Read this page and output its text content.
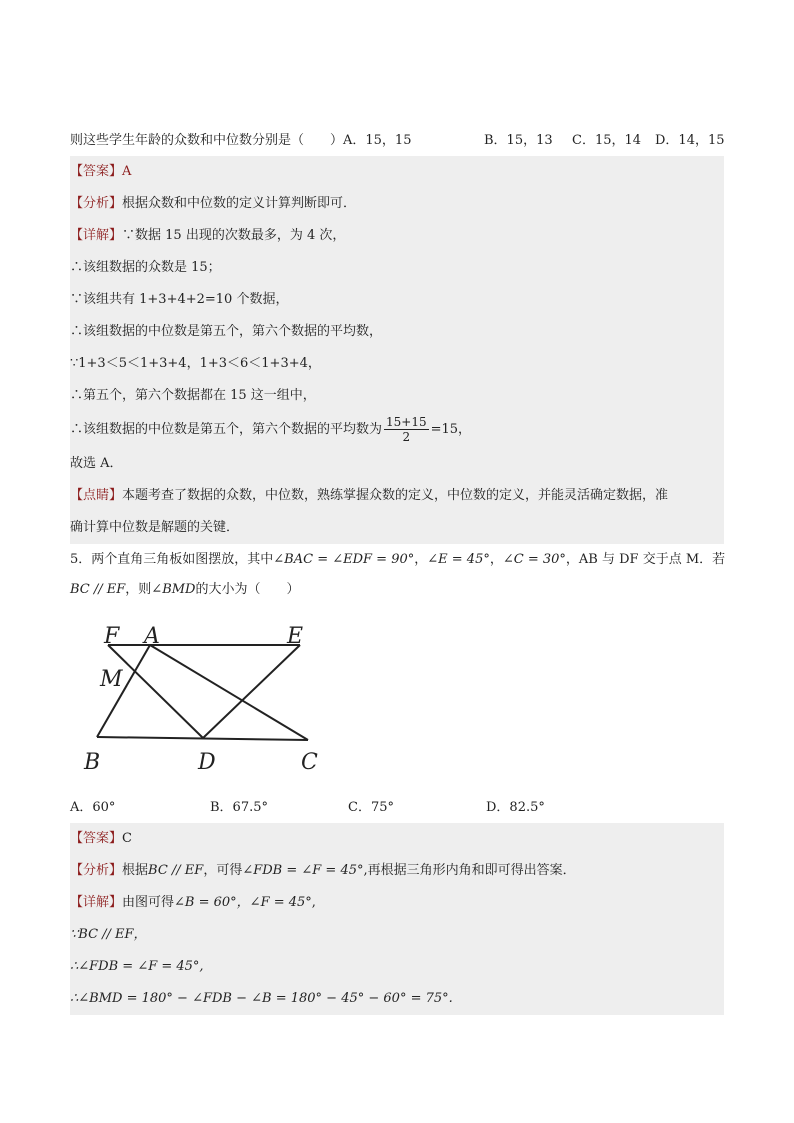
则这些学生年龄的众数和中位数分别是（　　）A．15，15	B．15，13 C．15，14 D．14，15
【答案】A
【分析】根据众数和中位数的定义计算判断即可．
【详解】∵数据 15 出现的次数最多，为 4 次，
∴该组数据的众数是 15；
∵该组共有 1+3+4+2=10 个数据，
∴该组数据的中位数是第五个，第六个数据的平均数，
∵1+3＜5＜1+3+4，1+3＜6＜1+3+4，
∴第五个，第六个数据都在 15 这一组中，
∴该组数据的中位数是第五个，第六个数据的平均数为 $\frac{15+15}{2} =15$，
故选 A．
【点睛】本题考查了数据的众数，中位数，熟练掌握众数的定义，中位数的定义，并能灵活确定数据，准
确计算中位数是解题的关键．
5．两个直角三角板如图摆放，其中∠BAC = ∠EDF = 90°，∠E = 45°，∠C = 30°，AB 与 DF 交于点 M．若
BC // EF，则∠BMD的大小为（　　）
F A	E
M
B	D	C
A．60°	B．67.5°	C．75°	D．82.5°
【答案】C
【分析】根据BC // EF，可得∠FDB = ∠F = 45°,再根据三角形内角和即可得出答案．
【详解】由图可得∠B = 60°，∠F = 45°,
∵BC // EF，
∴∠FDB = ∠F = 45°,
∴∠BMD = 180° − ∠FDB − ∠B = 180° − 45° − 60° = 75°.
